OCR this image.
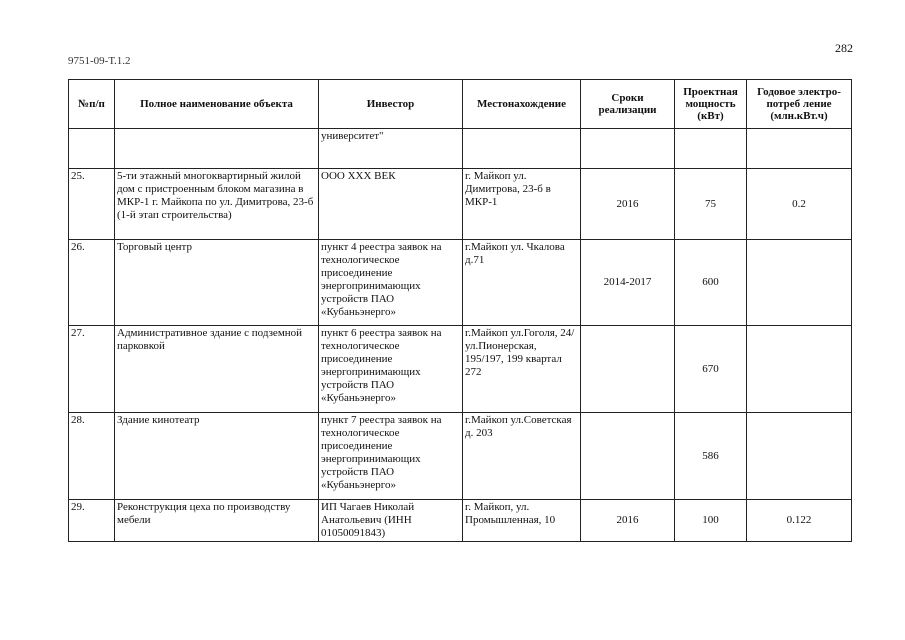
282
9751-09-Т.1.2
№п/п	Полное наименование объекта	Инвестор	Местонахождение	Сроки реализации	Проектная мощность (кВт)	Годовое электро-потреб ление (млн.кВт.ч)
		университет"				
25.	5-ти этажный многоквартирный жилой дом с пристроенным блоком магазина в МКР-1 г. Майкопа по ул. Димитрова, 23-б (1-й этап строительства)	ООО XXX ВЕК	г. Майкоп ул. Димитрова, 23-б в МКР-1	2016	75	0.2
26.	Торговый центр	пункт 4 реестра заявок на технологическое присоединение энергопринимающих устройств ПАО «Кубаньэнерго»	г.Майкоп ул. Чкалова д.71	2014-2017	600	
27.	Административное здание с подземной парковкой	пункт 6 реестра заявок на технологическое присоединение энергопринимающих устройств ПАО «Кубаньэнерго»	г.Майкоп ул.Гоголя, 24/ул.Пионерская, 195/197, 199 квартал 272		670	
28.	Здание кинотеатр	пункт 7 реестра заявок на технологическое присоединение энергопринимающих устройств ПАО «Кубаньэнерго»	г.Майкоп ул.Советская д. 203		586	
29.	Реконструкция цеха по производству мебели	ИП Чагаев Николай Анатольевич (ИНН 01050091843)	г. Майкоп, ул. Промышленная, 10	2016	100	0.122
